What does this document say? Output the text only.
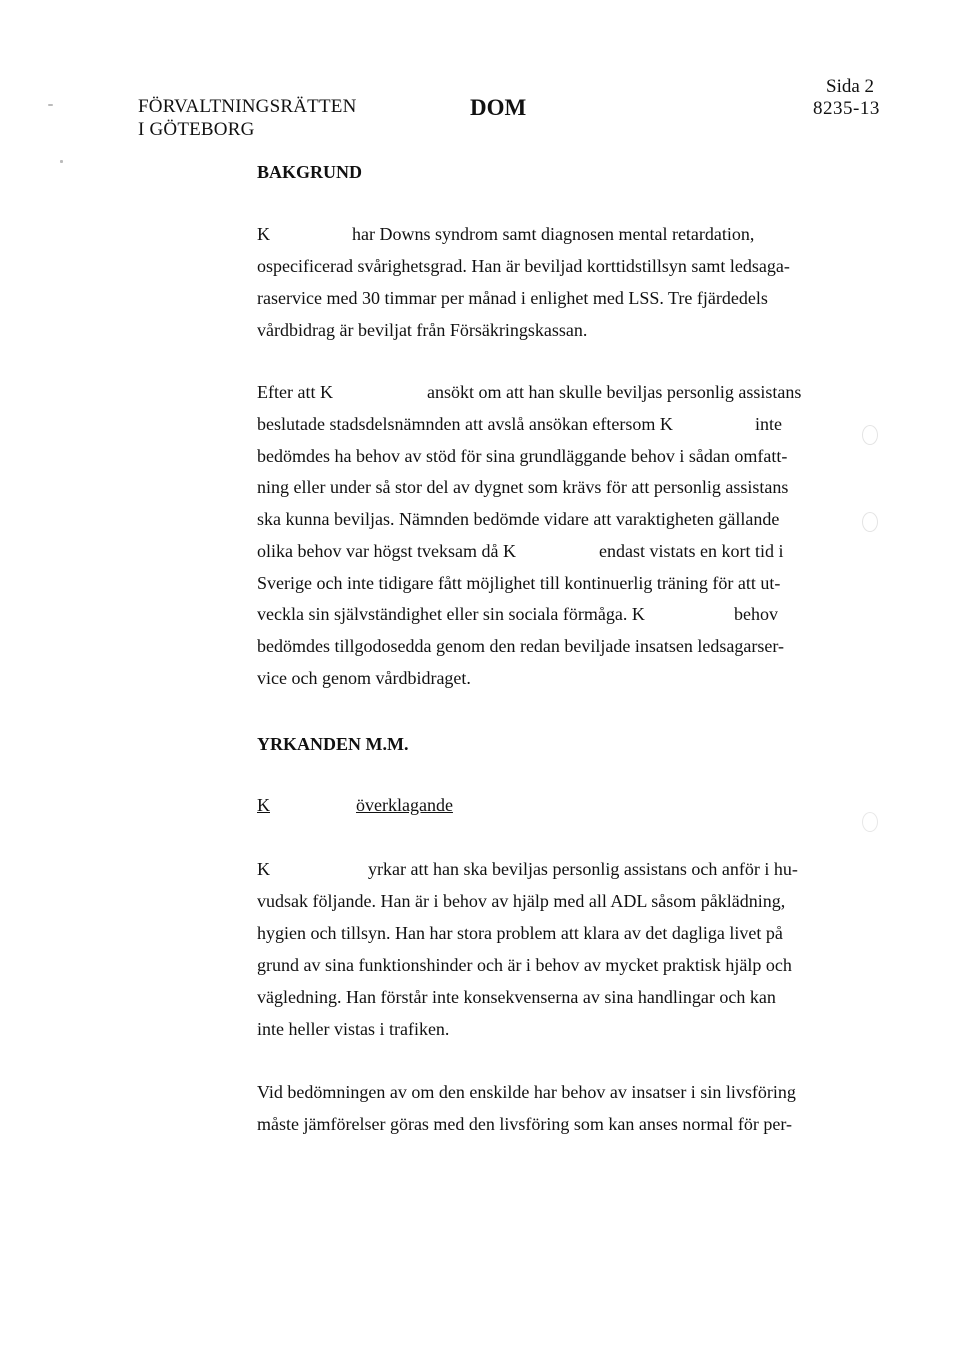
FÖRVALTNINGSRÄTTEN
I GÖTEBORG
DOM
Sida 2
8235-13
BAKGRUND
K	har Downs syndrom samt diagnosen mental retardation,
ospecificerad svårighetsgrad. Han är beviljad korttidstillsyn samt ledsaga-
raservice med 30 timmar per månad i enlighet med LSS. Tre fjärdedels
vårdbidrag är beviljat från Försäkringskassan.
Efter att K	ansökt om att han skulle beviljas personlig assistans
beslutade stadsdelsnämnden att avslå ansökan eftersom K	inte
bedömdes ha behov av stöd för sina grundläggande behov i sådan omfatt-
ning eller under så stor del av dygnet som krävs för att personlig assistans
ska kunna beviljas. Nämnden bedömde vidare att varaktigheten gällande
olika behov var högst tveksam då K	endast vistats en kort tid i
Sverige och inte tidigare fått möjlighet till kontinuerlig träning för att ut-
veckla sin självständighet eller sin sociala förmåga. K	behov
bedömdes tillgodosedda genom den redan beviljade insatsen ledsagarser-
vice och genom vårdbidraget.
YRKANDEN M.M.
K	överklagande
K	yrkar att han ska beviljas personlig assistans och anför i hu-
vudsak följande. Han är i behov av hjälp med all ADL såsom påklädning,
hygien och tillsyn. Han har stora problem att klara av det dagliga livet på
grund av sina funktionshinder och är i behov av mycket praktisk hjälp och
vägledning. Han förstår inte konsekvenserna av sina handlingar och kan
inte heller vistas i trafiken.
Vid bedömningen av om den enskilde har behov av insatser i sin livsföring
måste jämförelser göras med den livsföring som kan anses normal för per-
